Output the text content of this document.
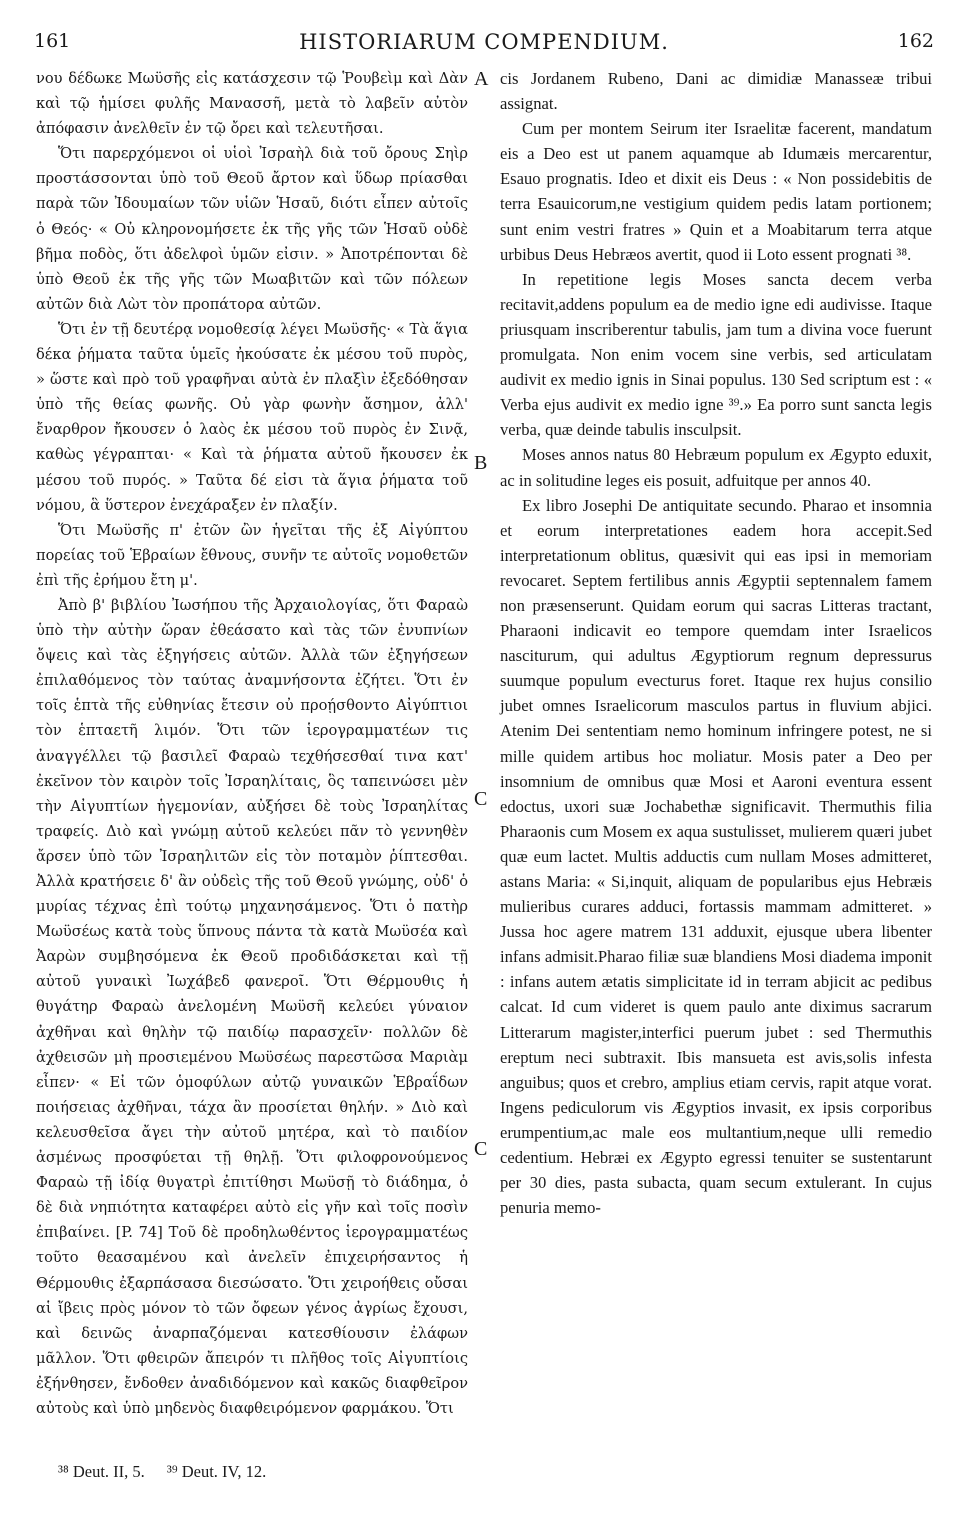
161	HISTORIARUM COMPENDIUM.	162

νου δέδωκε Μωϋσῆς εἰς κατάσχεσιν τῷ Ῥουβεὶμ καὶ Δὰν καὶ τῷ ἡμίσει φυλῆς Μανασσῆ, μετὰ τὸ λαβεῖν αὐτὸν ἀπόφασιν ἀνελθεῖν ἐν τῷ ὄρει καὶ τελευτῆσαι.

Ὅτι παρερχόμενοι οἱ υἱοὶ Ἰσραὴλ διὰ τοῦ ὄρους Σηὶρ προστάσσονται ὑπὸ τοῦ Θεοῦ ἄρτον καὶ ὕδωρ πρίασθαι παρὰ τῶν Ἰδουμαίων τῶν υἱῶν Ἡσαῦ, διότι εἶπεν αὐτοῖς ὁ Θεός· « Οὐ κληρονομήσετε ἐκ τῆς γῆς τῶν Ἡσαῦ οὐδὲ βῆμα ποδὸς, ὅτι ἀδελφοὶ ὑμῶν εἰσιν. » Ἀποτρέπονται δὲ ὑπὸ Θεοῦ ἐκ τῆς γῆς τῶν Μωαβιτῶν καὶ τῶν πόλεων αὐτῶν διὰ Λὼτ τὸν προπάτορα αὐτῶν.

Ὅτι ἐν τῇ δευτέρᾳ νομοθεσίᾳ λέγει Μωϋσῆς· « Τὰ ἅγια δέκα ῥήματα ταῦτα ὑμεῖς ἠκούσατε ἐκ μέσου τοῦ πυρὸς, » ὥστε καὶ πρὸ τοῦ γραφῆναι αὐτὰ ἐν πλαξὶν ἐξεδόθησαν ὑπὸ τῆς θείας φωνῆς. Οὐ γὰρ φωνὴν ἄσημον, ἀλλ' ἔναρθρον ἤκουσεν ὁ λαὸς ἐκ μέσου τοῦ πυρὸς ἐν Σινᾷ, καθὼς γέγραπται· « Καὶ τὰ ῥήματα αὐτοῦ ἤκουσεν ἐκ μέσου τοῦ πυρός. » Ταῦτα δέ εἰσι τὰ ἅγια ῥήματα τοῦ νόμου, ἃ ὕστερον ἐνεχάραξεν ἐν πλαξίν.

Ὅτι Μωϋσῆς π' ἐτῶν ὢν ἡγεῖται τῆς ἐξ Αἰγύπτου πορείας τοῦ Ἑβραίων ἔθνους, συνῆν τε αὐτοῖς νομοθετῶν ἐπὶ τῆς ἐρήμου ἔτη μ'.

Ἀπὸ β' βιβλίου Ἰωσήπου τῆς Ἀρχαιολογίας, ὅτι Φαραὼ ὑπὸ τὴν αὐτὴν ὥραν ἐθεάσατο καὶ τὰς τῶν ἐνυπνίων ὄψεις καὶ τὰς ἐξηγήσεις αὐτῶν. Ἀλλὰ τῶν ἐξηγήσεων ἐπιλαθόμενος τὸν ταύτας ἀναμνήσοντα ἐζήτει. Ὅτι ἐν τοῖς ἑπτὰ τῆς εὐθηνίας ἔτεσιν οὐ προῄσθοντο Αἰγύπτιοι τὸν ἑπταετῆ λιμόν. Ὅτι τῶν ἱερογραμματέων τις ἀναγγέλλει τῷ βασιλεῖ Φαραὼ τεχθήσεσθαί τινα κατ' ἐκεῖνον τὸν καιρὸν τοῖς Ἰσραηλίταις, ὃς ταπεινώσει μὲν τὴν Αἰγυπτίων ἡγεμονίαν, αὐξήσει δὲ τοὺς Ἰσραηλίτας τραφείς. Διὸ καὶ γνώμῃ αὐτοῦ κελεύει πᾶν τὸ γεννηθὲν ἄρσεν ὑπὸ τῶν Ἰσραηλιτῶν εἰς τὸν ποταμὸν ῥίπτεσθαι. Ἀλλὰ κρατήσειε δ' ἂν οὐδεὶς τῆς τοῦ Θεοῦ γνώμης, οὐδ' ὁ μυρίας τέχνας ἐπὶ τούτῳ μηχανησάμενος. Ὅτι ὁ πατὴρ Μωϋσέως κατὰ τοὺς ὕπνους πάντα τὰ κατὰ Μωϋσέα καὶ Ἀαρὼν συμβησόμενα ἐκ Θεοῦ προδιδάσκεται καὶ τῇ αὐτοῦ γυναικὶ Ἰωχάβεδ φανεροῖ. Ὅτι Θέρμουθις ἡ θυγάτηρ Φαραὼ ἀνελομένη Μωϋσῆ κελεύει γύναιον ἀχθῆναι καὶ θηλὴν τῷ παιδίῳ παρασχεῖν· πολλῶν δὲ ἀχθεισῶν μὴ προσιεμένου Μωϋσέως παρεστῶσα Μαριὰμ εἶπεν· « Εἰ τῶν ὁμοφύλων αὐτῷ γυναικῶν Ἑβραΐδων ποιήσειας ἀχθῆναι, τάχα ἂν προσίεται θηλήν. » Διὸ καὶ κελευσθεῖσα ἄγει τὴν αὐτοῦ μητέρα, καὶ τὸ παιδίον ἀσμένως προσφύεται τῇ θηλῇ. Ὅτι φιλοφρονούμενος Φαραὼ τῇ ἰδίᾳ θυγατρὶ ἐπιτίθησι Μωϋσῇ τὸ διάδημα, ὁ δὲ διὰ νηπιότητα καταφέρει αὐτὸ εἰς γῆν καὶ τοῖς ποσὶν ἐπιβαίνει. [P. 74] Τοῦ δὲ προδηλωθέντος ἱερογραμματέως τοῦτο θεασαμένου καὶ ἀνελεῖν ἐπιχειρήσαντος ἡ Θέρμουθις ἐξαρπάσασα διεσώσατο. Ὅτι χειροήθεις οὔσαι αἱ ἴβεις πρὸς μόνον τὸ τῶν ὄφεων γένος ἀγρίως ἔχουσι, καὶ δεινῶς ἀναρπαζόμεναι κατεσθίουσιν ἐλάφων μᾶλλον. Ὅτι φθειρῶν ἄπειρόν τι πλῆθος τοῖς Αἰγυπτίοις ἐξήνθησεν, ἔνδοθεν ἀναδιδόμενον καὶ κακῶς διαφθεῖρον αὐτοὺς καὶ ὑπὸ μηδενὸς διαφθειρόμενον φαρμάκου. Ὅτι

A
B
C
C

cis Jordanem Rubeno, Dani ac dimidiæ Manasseæ tribui assignat.

Cum per montem Seirum iter Israelitæ facerent, mandatum eis a Deo est ut panem aquamque ab Idumæis mercarentur, Esauo prognatis. Ideo et dixit eis Deus : « Non possidebitis de terra Esauicorum,ne vestigium quidem pedis latam portionem; sunt enim vestri fratres » Quin et a Moabitarum terra atque urbibus Deus Hebræos avertit, quod ii Loto essent prognati ³⁸.

In repetitione legis Moses sancta decem verba recitavit,addens populum ea de medio igne edi audivisse. Itaque priusquam inscriberentur tabulis, jam tum a divina voce fuerunt promulgata. Non enim vocem sine verbis, sed articulatam audivit ex medio ignis in Sinai populus. 130 Sed scriptum est : « Verba ejus audivit ex medio igne ³⁹.» Ea porro sunt sancta legis verba, quæ deinde tabulis insculpsit.

Moses annos natus 80 Hebræum populum ex Ægypto eduxit, ac in solitudine leges eis posuit, adfuitque per annos 40.

Ex libro Josephi De antiquitate secundo. Pharao et insomnia et eorum interpretationes eadem hora accepit.Sed interpretationum oblitus, quæsivit qui eas ipsi in memoriam revocaret. Septem fertilibus annis Ægyptii septennalem famem non præsenserunt. Quidam eorum qui sacras Litteras tractant, Pharaoni indicavit eo tempore quemdam inter Israelicos nasciturum, qui adultus Ægyptiorum regnum depressurus suumque populum evecturus foret. Itaque rex hujus consilio jubet omnes Israelicorum masculos partus in fluvium abjici. Atenim Dei sententiam nemo hominum infringere potest, ne si mille quidem artibus hoc moliatur. Mosis pater a Deo per insomnium de omnibus quæ Mosi et Aaroni eventura essent edoctus, uxori suæ Jochabethæ significavit. Thermuthis filia Pharaonis cum Mosem ex aqua sustulisset, mulierem quæri jubet quæ eum lactet. Multis adductis cum nullam Moses admitteret, astans Maria: « Si,inquit, aliquam de popularibus ejus Hebræis mulieribus curares adduci, fortassis mammam admitteret. » Jussa hoc agere matrem 131 adduxit, ejusque ubera libenter infans admisit.Pharao filiæ suæ blandiens Mosi diadema imponit : infans autem ætatis simplicitate id in terram abjicit ac pedibus calcat. Id cum videret is quem paulo ante diximus sacrarum Litterarum magister,interfici puerum jubet : sed Thermuthis ereptum neci subtraxit. Ibis mansueta est avis,solis infesta anguibus; quos et crebro, amplius etiam cervis, rapit atque vorat. Ingens pediculorum vis Ægyptios invasit, ex ipsis corporibus erumpentium,ac male eos multantium,neque ulli remedio cedentium. Hebræi ex Ægypto egressi tenuiter se sustentarunt per 30 dies, pasta subacta, quam secum extulerant. In cujus penuria memo-

³⁸ Deut. II, 5. ³⁹ Deut. IV, 12.
